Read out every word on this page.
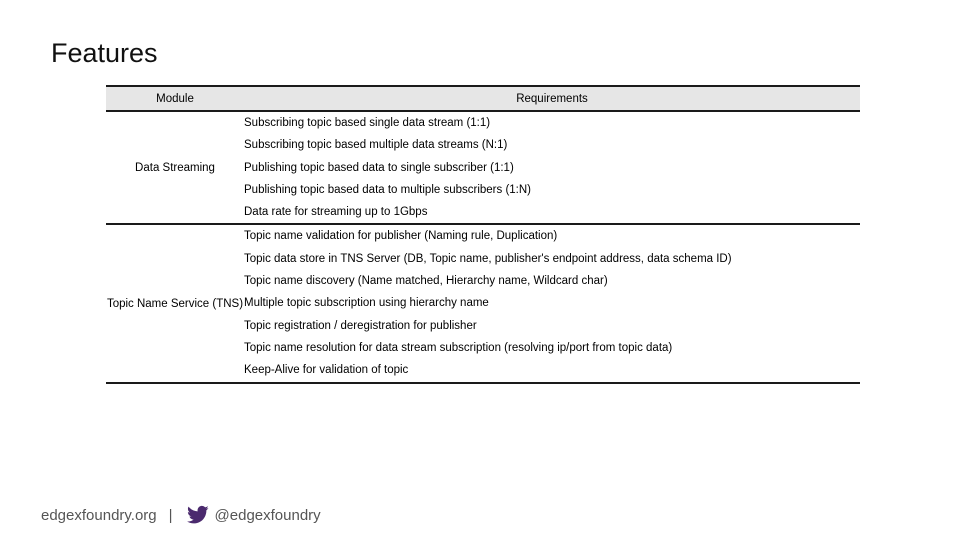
Features
Module	Requirements
Data Streaming
Subscribing topic based single data stream (1:1)
Subscribing topic based multiple data streams (N:1)
Publishing topic based data to single subscriber (1:1)
Publishing topic based data to multiple subscribers (1:N)
Data rate for streaming up to 1Gbps
Topic Name Service (TNS)
Topic name validation for publisher (Naming rule, Duplication)
Topic data store in TNS Server (DB, Topic name, publisher's endpoint address, data schema ID)
Topic name discovery (Name matched, Hierarchy name, Wildcard char)
Multiple topic subscription using hierarchy name
Topic registration / deregistration for publisher
Topic name resolution for data stream subscription (resolving ip/port from topic data)
Keep-Alive for validation of topic
edgexfoundry.org |	@edgexfoundry
